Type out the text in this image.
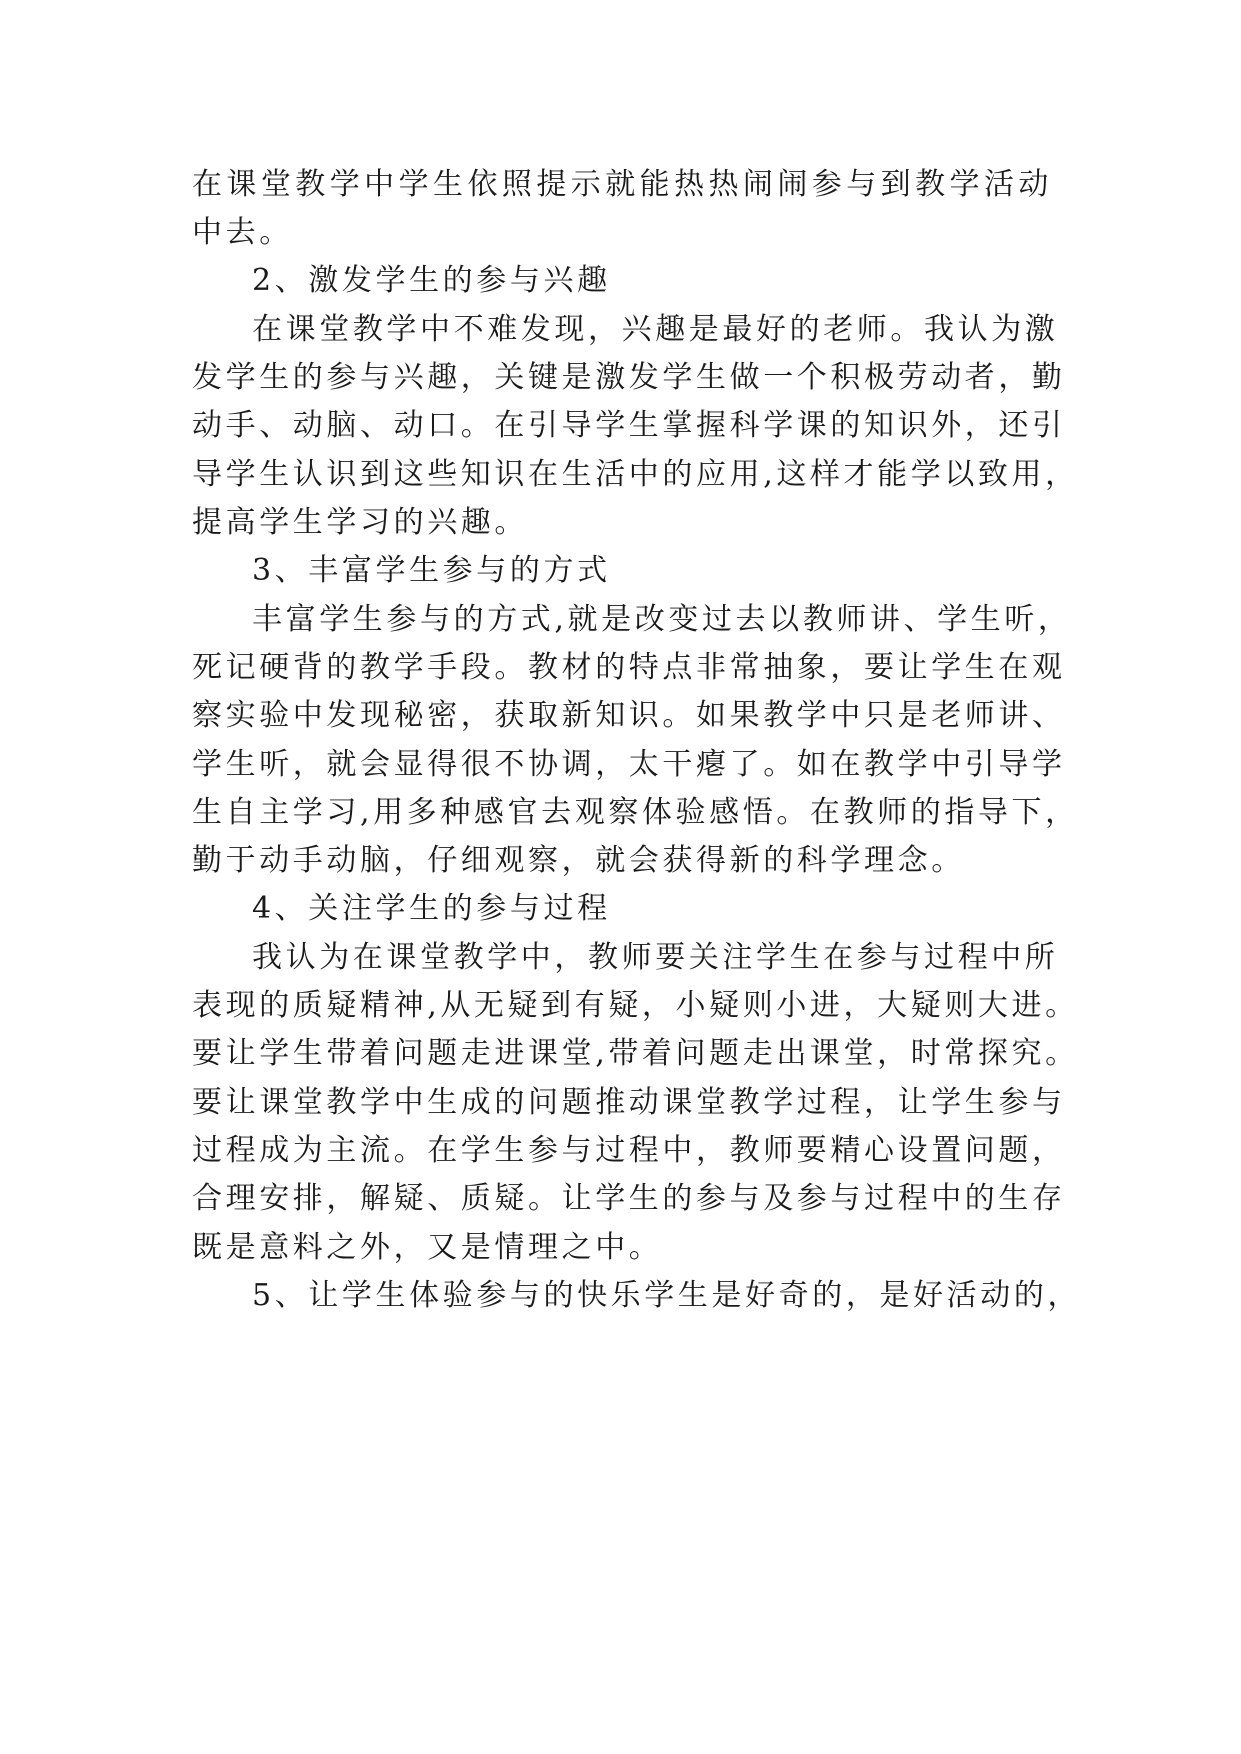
在课堂教学中学生依照提示就能热热闹闹参与到教学活动
中去。
2、激发学生的参与兴趣
在课堂教学中不难发现，兴趣是最好的老师。我认为激
发学生的参与兴趣，关键是激发学生做一个积极劳动者，勤
动手、动脑、动口。在引导学生掌握科学课的知识外，还引
导学生认识到这些知识在生活中的应用,这样才能学以致用，
提高学生学习的兴趣。
3、丰富学生参与的方式
丰富学生参与的方式,就是改变过去以教师讲、学生听，
死记硬背的教学手段。教材的特点非常抽象，要让学生在观
察实验中发现秘密，获取新知识。如果教学中只是老师讲、
学生听，就会显得很不协调，太干瘪了。如在教学中引导学
生自主学习,用多种感官去观察体验感悟。在教师的指导下，
勤于动手动脑，仔细观察，就会获得新的科学理念。
4、关注学生的参与过程
我认为在课堂教学中，教师要关注学生在参与过程中所
表现的质疑精神,从无疑到有疑，小疑则小进，大疑则大进。
要让学生带着问题走进课堂,带着问题走出课堂，时常探究。
要让课堂教学中生成的问题推动课堂教学过程，让学生参与
过程成为主流。在学生参与过程中，教师要精心设置问题，
合理安排，解疑、质疑。让学生的参与及参与过程中的生存
既是意料之外，又是情理之中。
5、让学生体验参与的快乐学生是好奇的，是好活动的，
